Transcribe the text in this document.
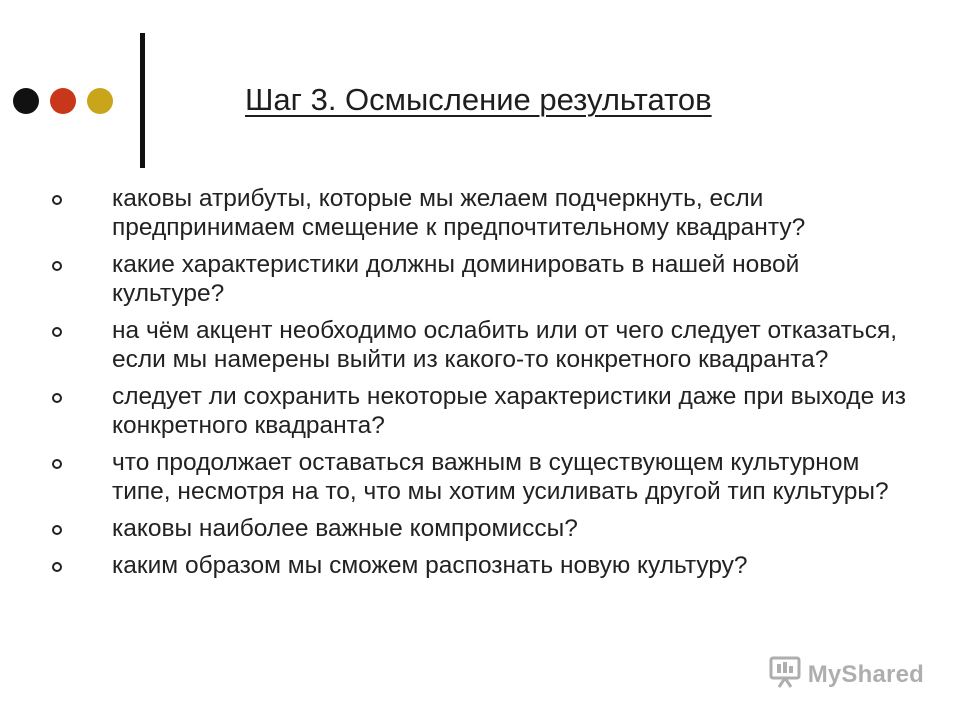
Шаг 3. Осмысление результатов
каковы атрибуты, которые мы желаем подчеркнуть, если предпринимаем смещение к предпочтительному квадранту?
какие характеристики должны доминировать в нашей новой культуре?
на чём акцент необходимо ослабить или от чего следует отказаться, если мы намерены выйти из какого-то конкретного квадранта?
следует ли сохранить некоторые характеристики даже при выходе из конкретного квадранта?
что продолжает оставаться важным в существующем культурном типе, несмотря на то, что мы хотим усиливать другой тип культуры?
каковы наиболее важные компромиссы?
каким образом мы сможем распознать новую культуру?
MyShared
